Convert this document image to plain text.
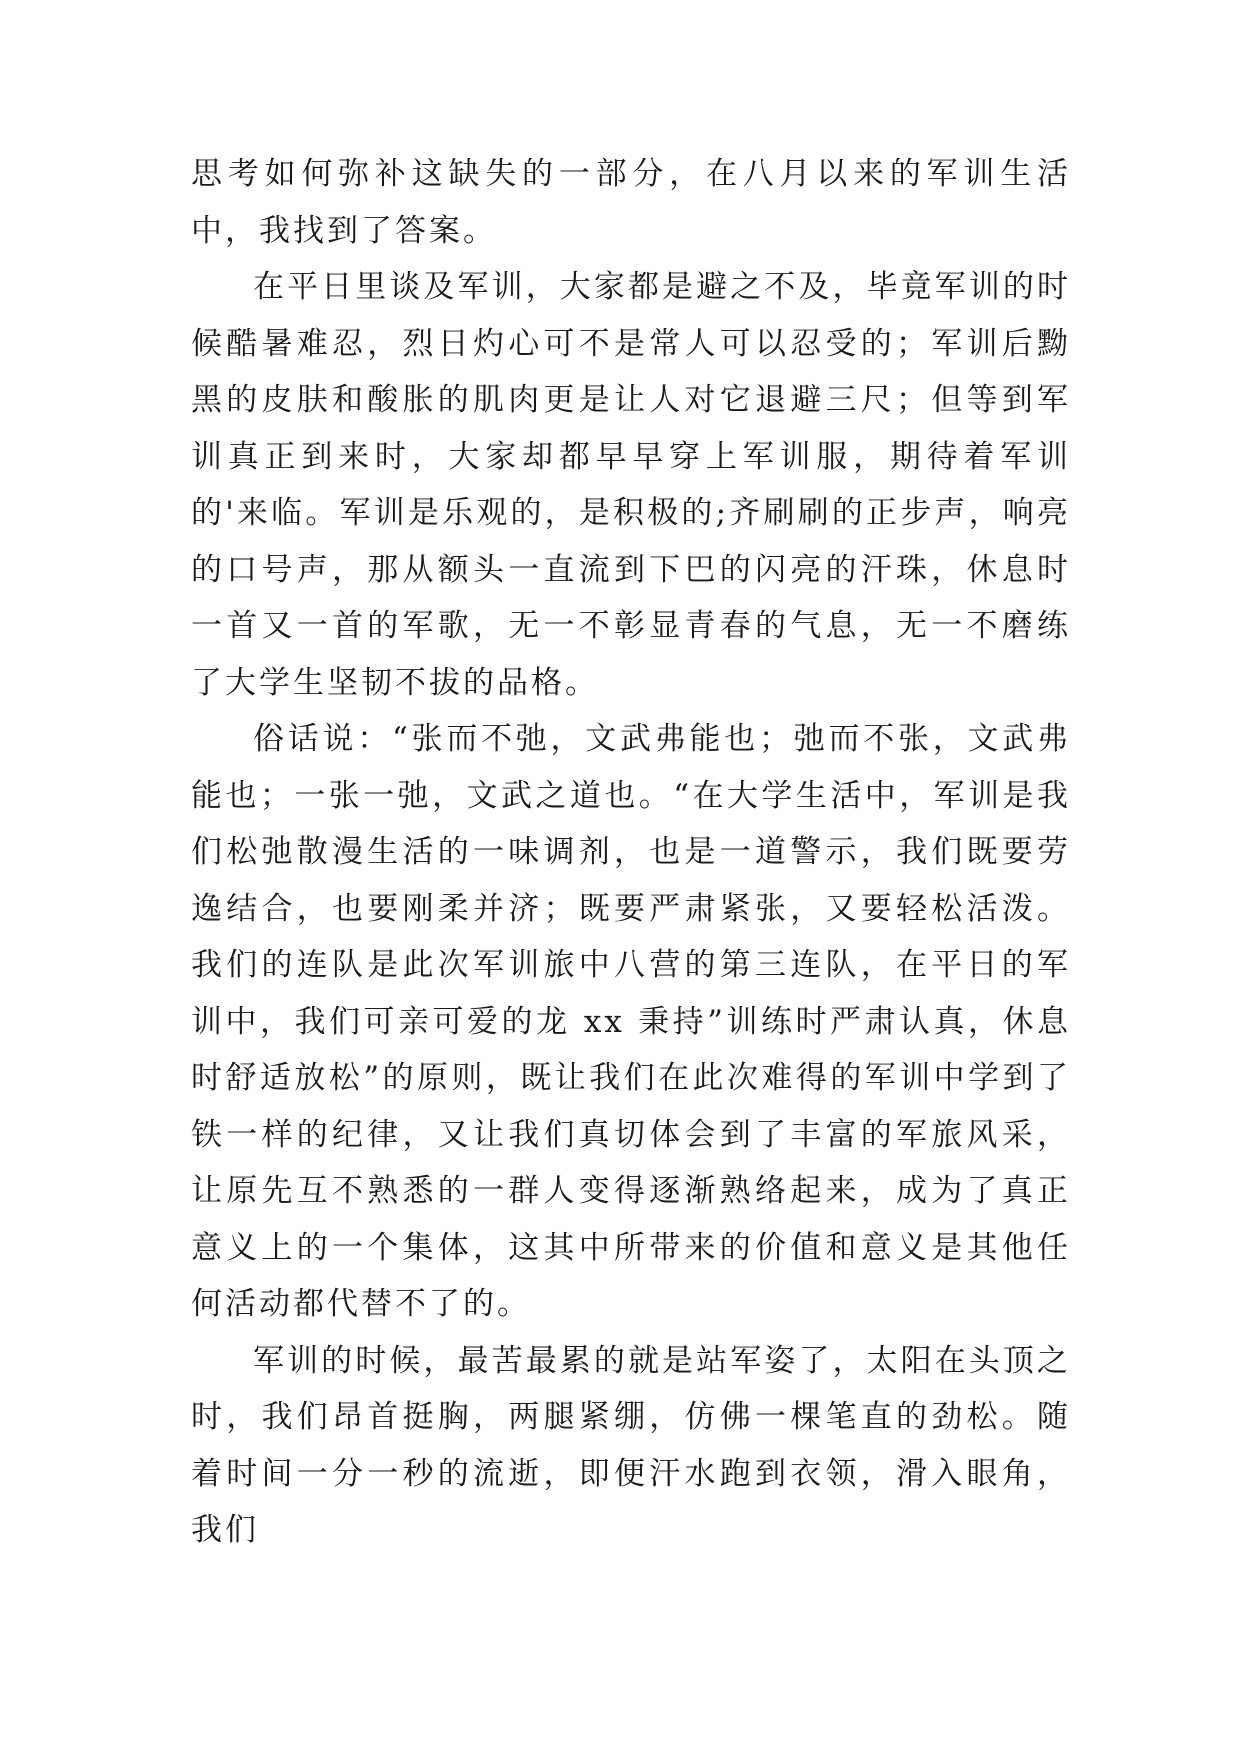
思考如何弥补这缺失的一部分，在八月以来的军训生活中，我找到了答案。

在平日里谈及军训，大家都是避之不及，毕竟军训的时候酷暑难忍，烈日灼心可不是常人可以忍受的；军训后黝黑的皮肤和酸胀的肌肉更是让人对它退避三尺；但等到军训真正到来时，大家却都早早穿上军训服，期待着军训的'来临。军训是乐观的，是积极的;齐刷刷的正步声，响亮的口号声，那从额头一直流到下巴的闪亮的汗珠，休息时一首又一首的军歌，无一不彰显青春的气息，无一不磨练了大学生坚韧不拔的品格。

俗话说：“张而不弛，文武弗能也；弛而不张，文武弗能也；一张一弛，文武之道也。“在大学生活中，军训是我们松弛散漫生活的一味调剂，也是一道警示，我们既要劳逸结合，也要刚柔并济；既要严肃紧张，又要轻松活泼。我们的连队是此次军训旅中八营的第三连队，在平日的军训中，我们可亲可爱的龙 xx 秉持”训练时严肃认真，休息时舒适放松”的原则，既让我们在此次难得的军训中学到了铁一样的纪律，又让我们真切体会到了丰富的军旅风采，让原先互不熟悉的一群人变得逐渐熟络起来，成为了真正意义上的一个集体，这其中所带来的价值和意义是其他任何活动都代替不了的。

军训的时候，最苦最累的就是站军姿了，太阳在头顶之时，我们昂首挺胸，两腿紧绷，仿佛一棵笔直的劲松。随着时间一分一秒的流逝，即便汗水跑到衣领，滑入眼角，我们
